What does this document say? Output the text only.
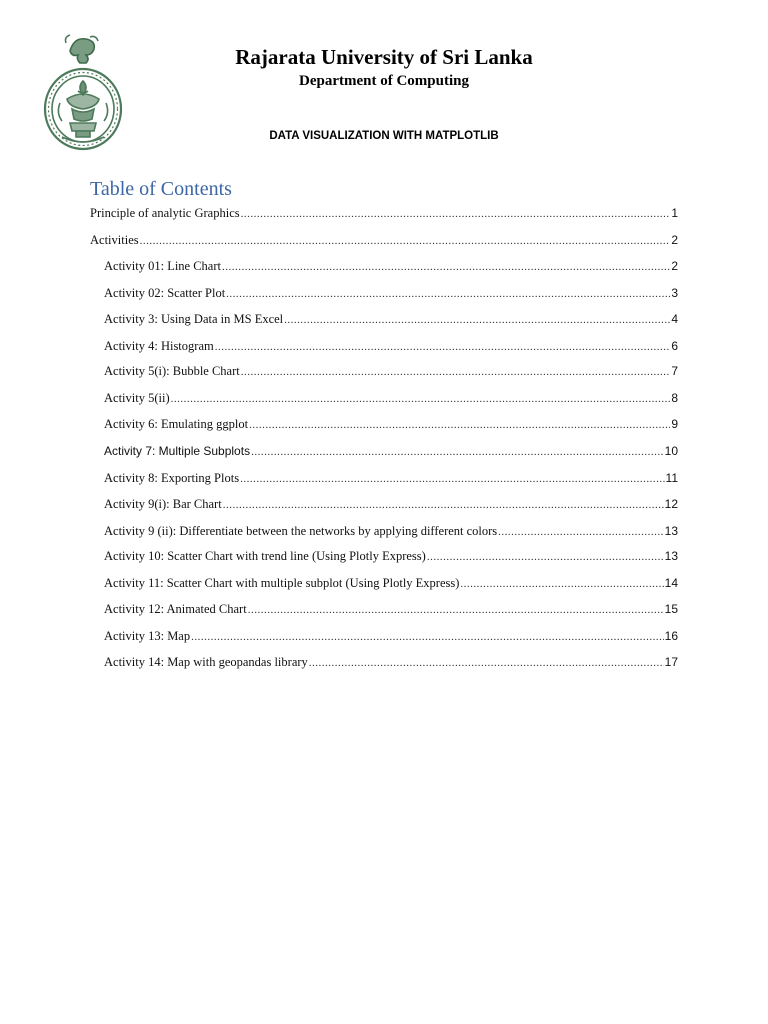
Rajarata University of Sri Lanka
Department of Computing
DATA VISUALIZATION WITH MATPLOTLIB
Table of Contents
Principle of analytic Graphics .....	1
Activities .....	2
Activity 01: Line Chart .....	2
Activity 02: Scatter Plot .....	3
Activity 3: Using Data in MS Excel .....	4
Activity 4: Histogram .....	6
Activity 5(i): Bubble Chart .....	7
Activity 5(ii) .....	8
Activity 6: Emulating ggplot .....	9
Activity 7: Multiple Subplots .....	10
Activity 8: Exporting Plots .....	11
Activity 9(i): Bar Chart .....	12
Activity 9 (ii): Differentiate between the networks by applying different colors .....	13
Activity 10: Scatter Chart with trend line (Using Plotly Express) .....	13
Activity 11: Scatter Chart with multiple subplot (Using Plotly Express) .....	14
Activity 12: Animated Chart .....	15
Activity 13: Map .....	16
Activity 14: Map with geopandas library .....	17
